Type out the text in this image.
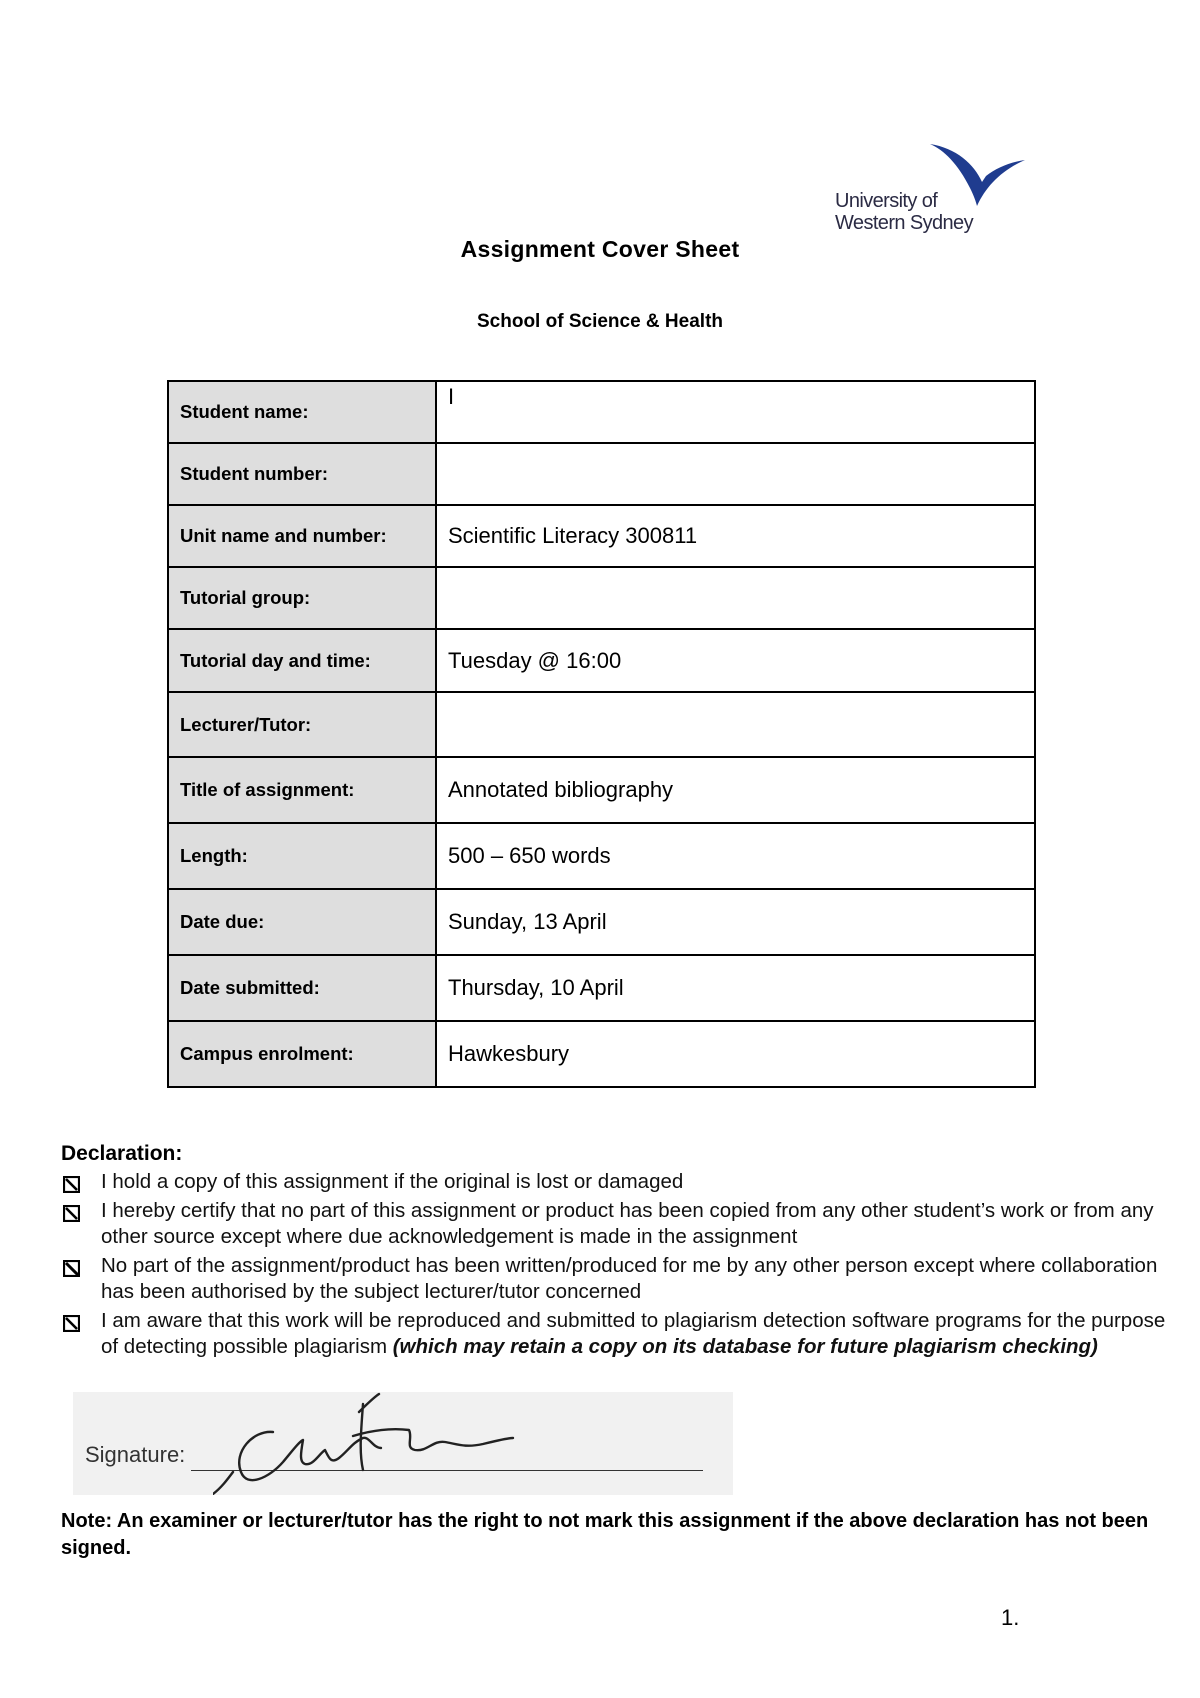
University of
Western Sydney
Assignment Cover Sheet
School of Science & Health
Student name:	I
Student number:	
Unit name and number:	Scientific Literacy 300811
Tutorial group:	
Tutorial day and time:	Tuesday @ 16:00
Lecturer/Tutor:	
Title of assignment:	Annotated bibliography
Length:	500 – 650 words
Date due:	Sunday, 13 April
Date submitted:	Thursday, 10 April
Campus enrolment:	Hawkesbury
Declaration:
I hold a copy of this assignment if the original is lost or damaged
I hereby certify that no part of this assignment or product has been copied from any other student’s work or from any other source except where due acknowledgement is made in the assignment
No part of the assignment/product has been written/produced for me by any other person except where collaboration has been authorised by the subject lecturer/tutor concerned
I am aware that this work will be reproduced and submitted to plagiarism detection software programs for the purpose of detecting possible plagiarism (which may retain a copy on its database for future plagiarism checking)
Signature:
Note: An examiner or lecturer/tutor has the right to not mark this assignment if the above declaration has not been signed.
1.
